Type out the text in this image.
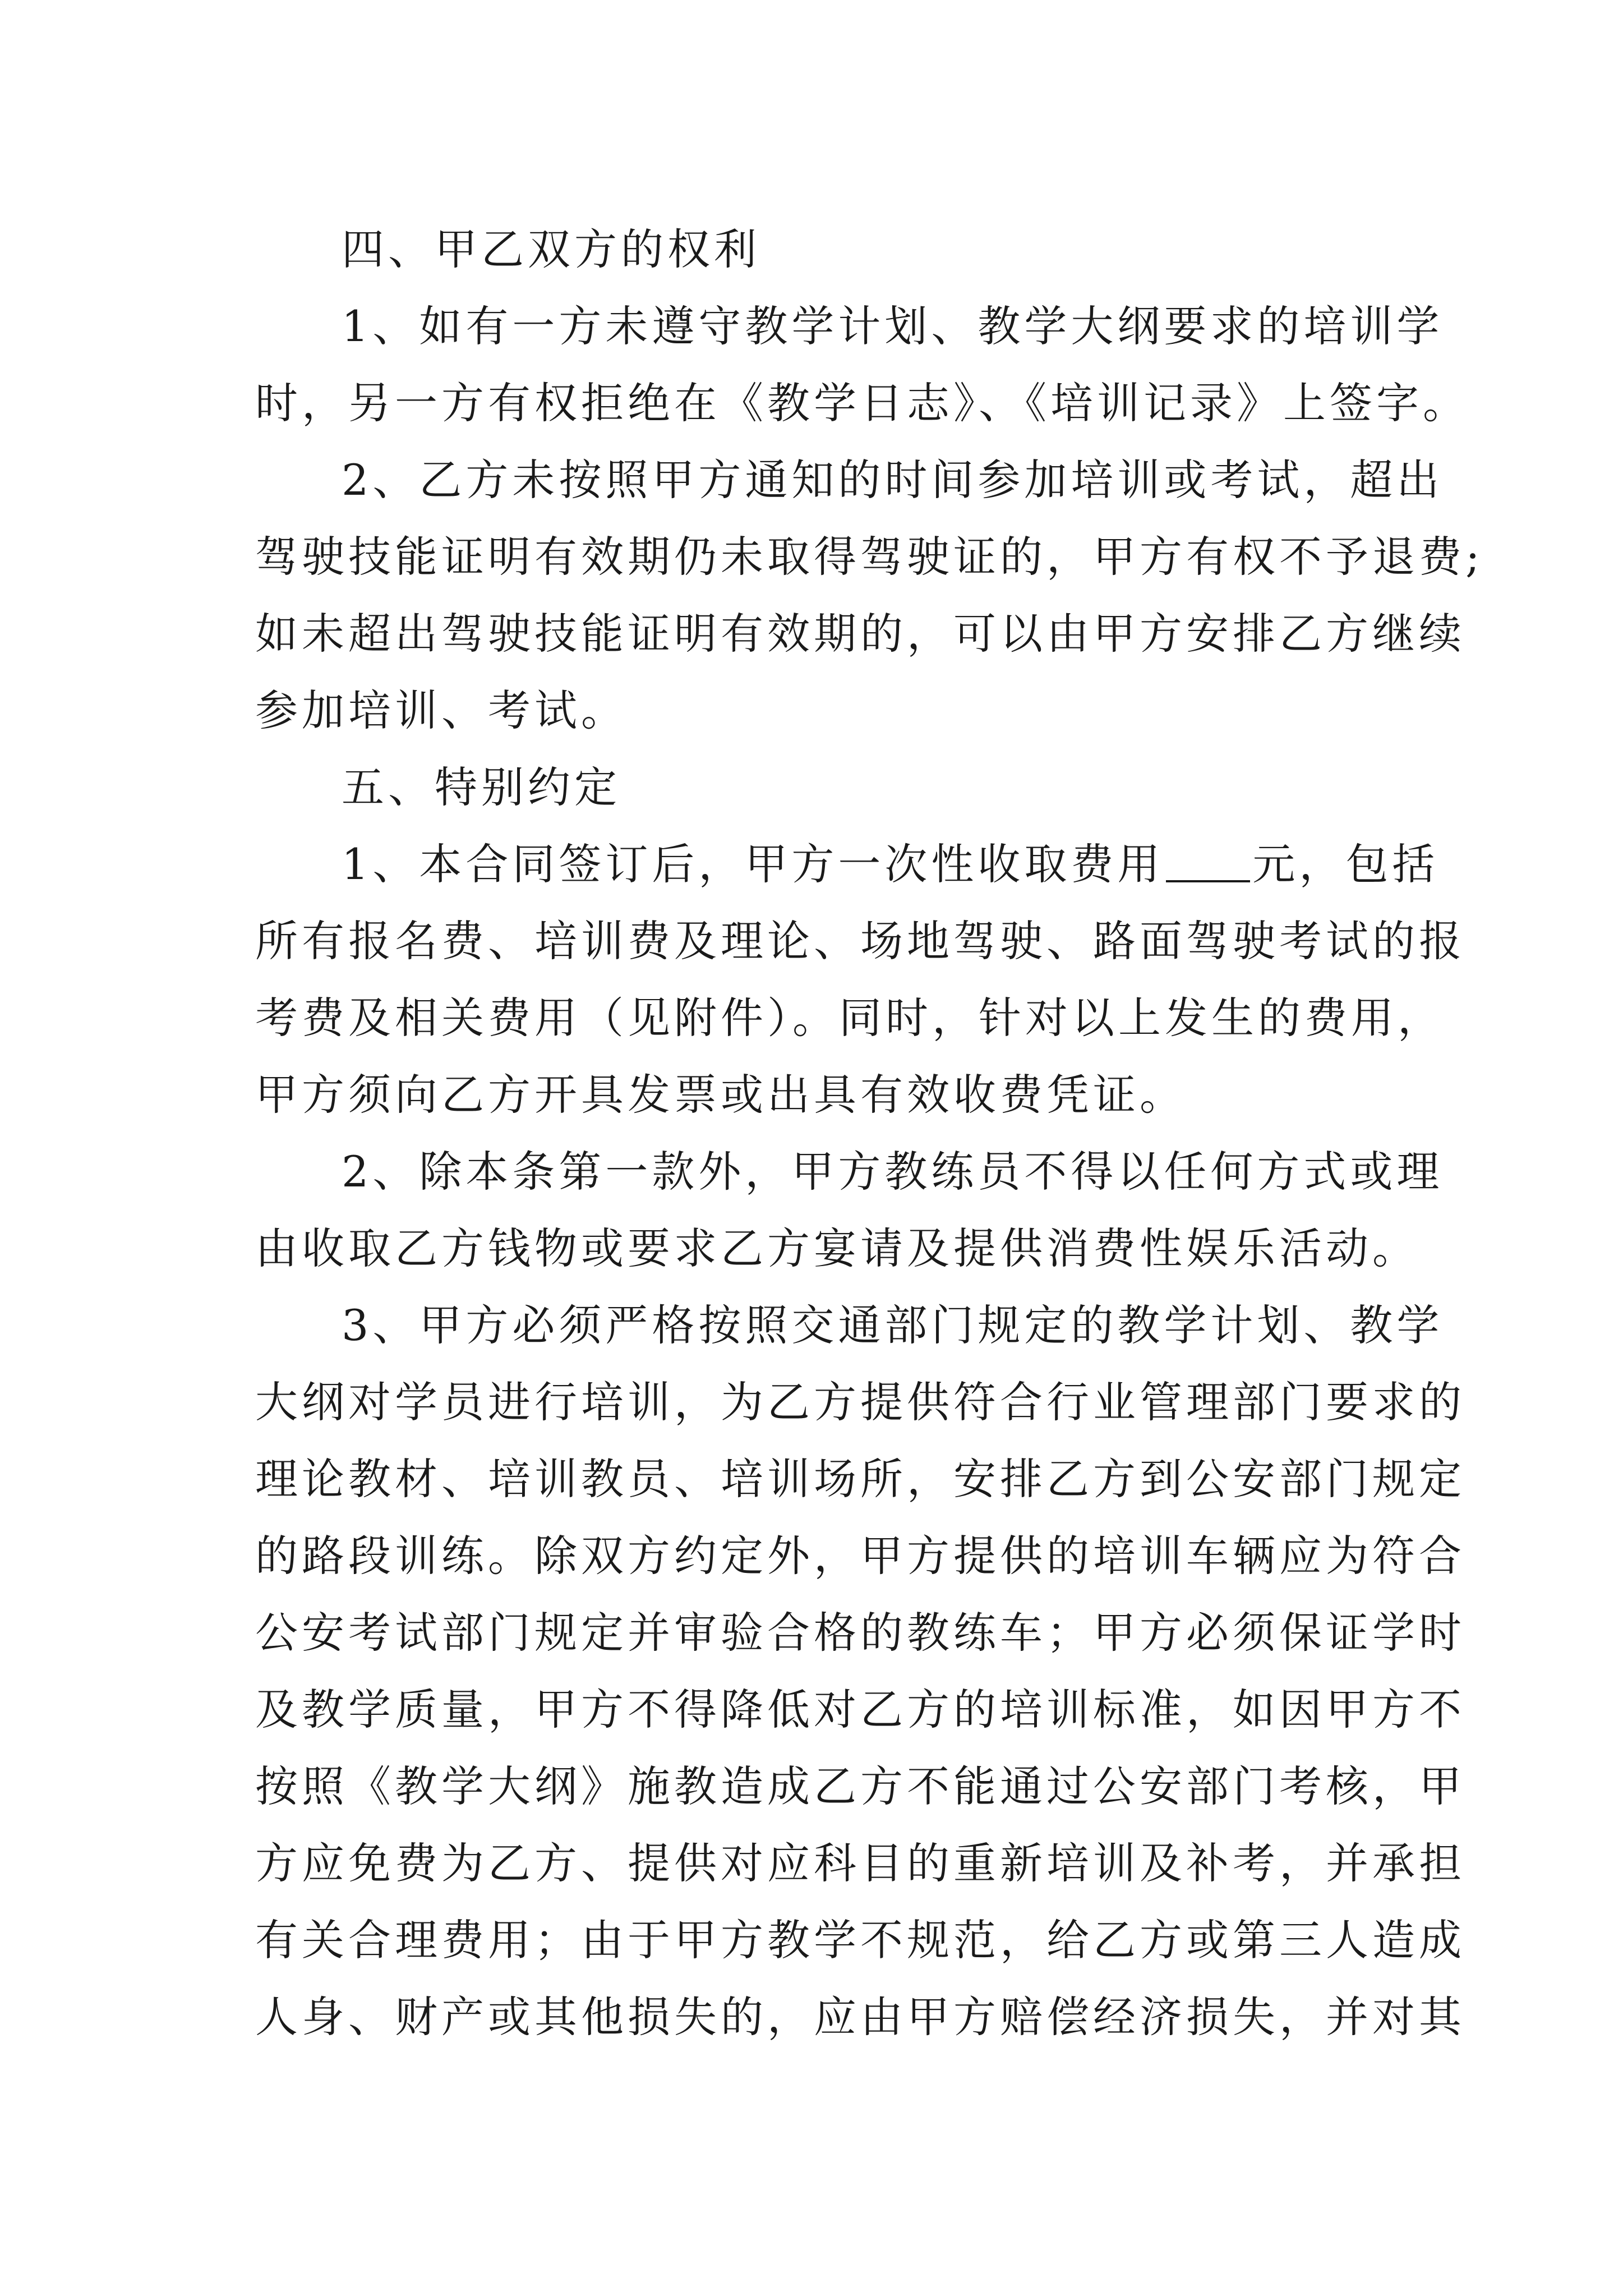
四、甲乙双方的权利
1、如有一方未遵守教学计划、教学大纲要求的培训学
时，另一方有权拒绝在《教学日志》、《培训记录》上签字。
2、乙方未按照甲方通知的时间参加培训或考试，超出
驾驶技能证明有效期仍未取得驾驶证的，甲方有权不予退费;
如未超出驾驶技能证明有效期的，可以由甲方安排乙方继续
参加培训、考试。
五、特别约定
1、本合同签订后，甲方一次性收取费用 元，包括
所有报名费、培训费及理论、场地驾驶、路面驾驶考试的报
考费及相关费用（见附件）。同时，针对以上发生的费用，
甲方须向乙方开具发票或出具有效收费凭证。
2、除本条第一款外，甲方教练员不得以任何方式或理
由收取乙方钱物或要求乙方宴请及提供消费性娱乐活动。
3、甲方必须严格按照交通部门规定的教学计划、教学
大纲对学员进行培训，为乙方提供符合行业管理部门要求的
理论教材、培训教员、培训场所，安排乙方到公安部门规定
的路段训练。除双方约定外，甲方提供的培训车辆应为符合
公安考试部门规定并审验合格的教练车；甲方必须保证学时
及教学质量，甲方不得降低对乙方的培训标准，如因甲方不
按照《教学大纲》施教造成乙方不能通过公安部门考核，甲
方应免费为乙方、提供对应科目的重新培训及补考，并承担
有关合理费用；由于甲方教学不规范，给乙方或第三人造成
人身、财产或其他损失的，应由甲方赔偿经济损失，并对其
